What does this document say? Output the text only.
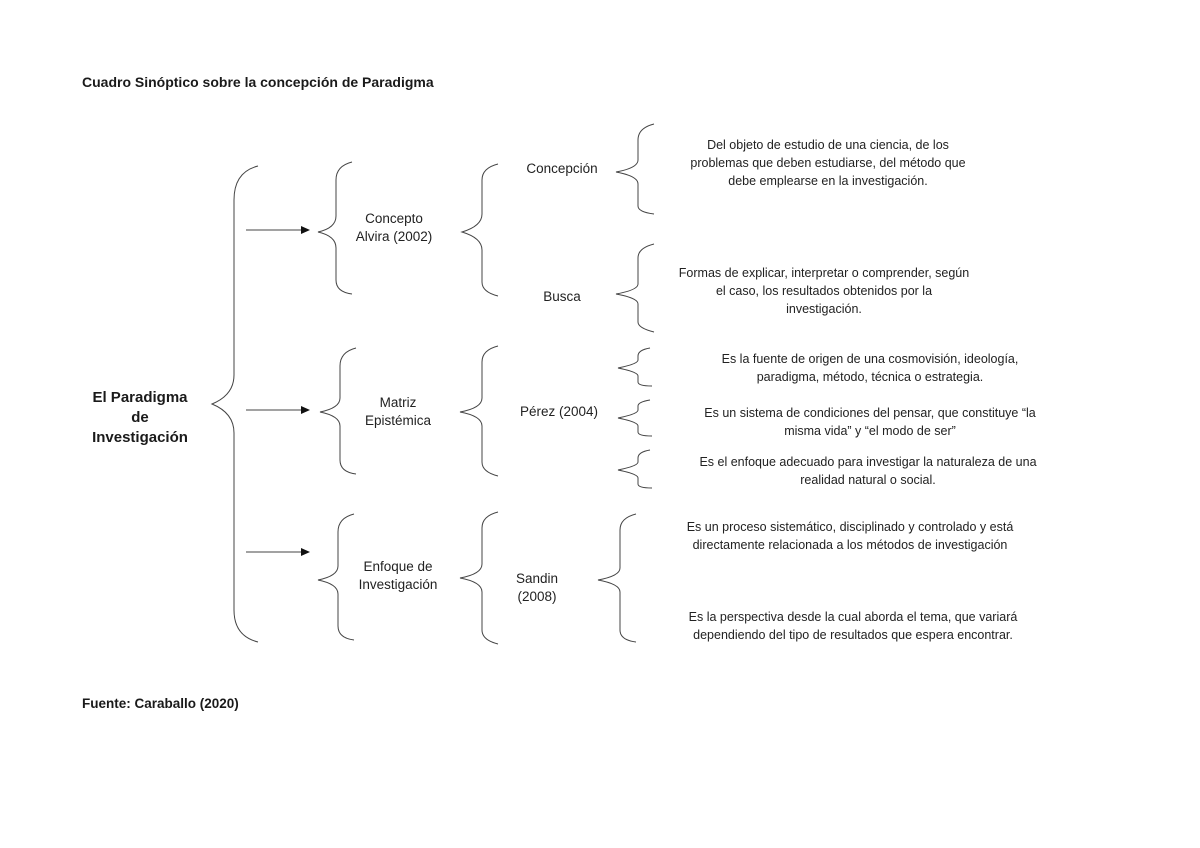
Cuadro Sinóptico sobre la concepción de Paradigma
El Paradigma
de
Investigación
Concepto
Alvira (2002)
Matriz
Epistémica
Enfoque de
Investigación
Concepción
Busca
Pérez (2004)
Sandin
(2008)
Del objeto de estudio de una ciencia, de los
problemas que deben estudiarse, del método que
debe emplearse en la investigación.
Formas de explicar, interpretar o comprender, según
el caso, los resultados obtenidos por la
investigación.
Es la fuente de origen de una cosmovisión, ideología,
paradigma, método, técnica o estrategia.
Es un sistema de condiciones del pensar, que constituye “la
misma vida” y “el modo de ser”
Es el enfoque adecuado para investigar la naturaleza de una
realidad natural o social.
Es un proceso sistemático, disciplinado y controlado y está
directamente relacionada a los métodos de investigación
Es la perspectiva desde la cual aborda el tema, que variará
dependiendo del tipo de resultados que espera encontrar.
Fuente: Caraballo (2020)
